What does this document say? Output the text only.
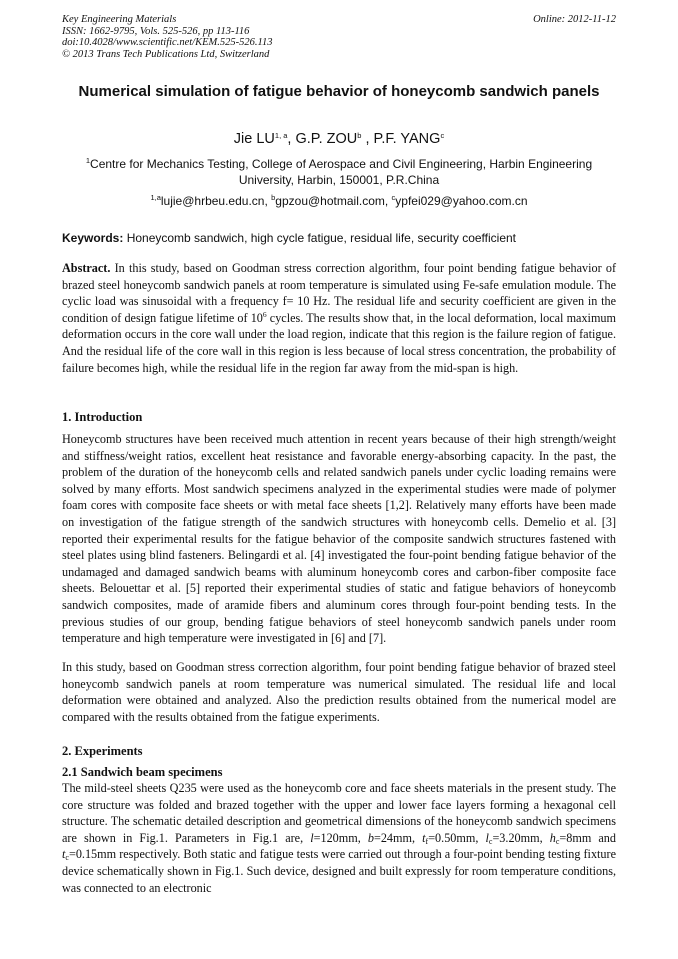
Key Engineering Materials
ISSN: 1662-9795, Vols. 525-526, pp 113-116
doi:10.4028/www.scientific.net/KEM.525-526.113
© 2013 Trans Tech Publications Ltd, Switzerland
Online: 2012-11-12
Numerical simulation of fatigue behavior of honeycomb sandwich panels
Jie LU$^{1, a}$, G.P. ZOU$^b$ , P.F. YANG$^c$
$^1$Centre for Mechanics Testing, College of Aerospace and Civil Engineering, Harbin Engineering University, Harbin, 150001, P.R.China
$^{1,a}$lujie@hrbeu.edu.cn, $^b$gpzou@hotmail.com, $^c$ypfei029@yahoo.com.cn
Keywords: Honeycomb sandwich, high cycle fatigue, residual life, security coefficient

Abstract. In this study, based on Goodman stress correction algorithm, four point bending fatigue behavior of brazed steel honeycomb sandwich panels at room temperature is simulated using Fe-safe emulation module. The cyclic load was sinusoidal with a frequency f= 10 Hz. The residual life and security coefficient are given in the condition of design fatigue lifetime of $10^6$ cycles. The results show that, in the local deformation, local maximum deformation occurs in the core wall under the load region, indicate that this region is the failure region of fatigue. And the residual life of the core wall in this region is less because of local stress concentration, the probability of failure becomes high, while the residual life in the region far away from the mid-span is high.

1. Introduction

Honeycomb structures have been received much attention in recent years because of their high strength/weight and stiffness/weight ratios, excellent heat resistance and favorable energy-absorbing capacity. In the past, the problem of the duration of the honeycomb cells and related sandwich panels under cyclic loading remains were solved by many efforts. Most sandwich specimens analyzed in the experimental studies were made of polymer foam cores with composite face sheets or with metal face sheets [1,2]. Relatively many efforts have been made on investigation of the fatigue strength of the sandwich structures with honeycomb cells. Demelio et al. [3] reported their experimental results for the fatigue behavior of the composite sandwich structures fastened with steel plates using blind fasteners. Belingardi et al. [4] investigated the four-point bending fatigue behavior of the undamaged and damaged sandwich beams with aluminum honeycomb cores and carbon-fiber composite face sheets. Belouettar et al. [5] reported their experimental studies of static and fatigue behaviors of honeycomb sandwich composites, made of aramide fibers and aluminum cores through four-point bending tests. In the previous studies of our group, bending fatigue behaviors of steel honeycomb sandwich panels under room temperature and high temperature were investigated in [6] and [7].

In this study, based on Goodman stress correction algorithm, four point bending fatigue behavior of brazed steel honeycomb sandwich panels at room temperature was numerical simulated. The residual life and local deformation were obtained and analyzed. Also the prediction results obtained from the numerical model are compared with the results obtained from the fatigue experiments.

2. Experiments
2.1 Sandwich beam specimens

The mild-steel sheets Q235 were used as the honeycomb core and face sheets materials in the present study. The core structure was folded and brazed together with the upper and lower face layers forming a hexagonal cell structure. The schematic detailed description and geometrical dimensions of the honeycomb sandwich specimens are shown in Fig.1. Parameters in Fig.1 are, l=120mm, b=24mm, $t_f=0.50mm$, $l_c=3.20mm$, $h_c=8mm$ and $t_c=0.15mm$ respectively. Both static and fatigue tests were carried out through a four-point bending testing fixture device schematically shown in Fig.1. Such device, designed and built expressly for room temperature conditions, was connected to an electronic
